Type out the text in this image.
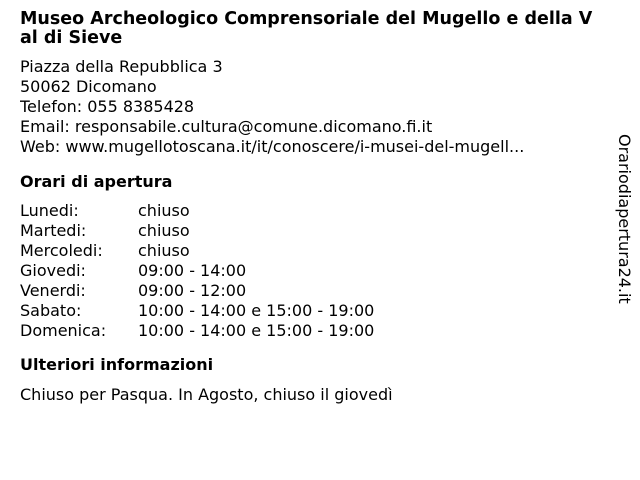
Museo Archeologico Comprensoriale del Mugello e della Val di Sieve
Piazza della Repubblica 3
50062 Dicomano
Telefon: 055 8385428
Email: responsabile.cultura@comune.dicomano.fi.it
Web: www.mugellotoscana.it/it/conoscere/i-musei-del-mugell...
Orari di apertura
Lunedi:	chiuso
Martedi:	chiuso
Mercoledi:	chiuso
Giovedi:	09:00 - 14:00
Venerdi:	09:00 - 12:00
Sabato:	10:00 - 14:00 e 15:00 - 19:00
Domenica:	10:00 - 14:00 e 15:00 - 19:00
Ulteriori informazioni
Chiuso per Pasqua. In Agosto, chiuso il giovedì
Orariodiapertura24.it
